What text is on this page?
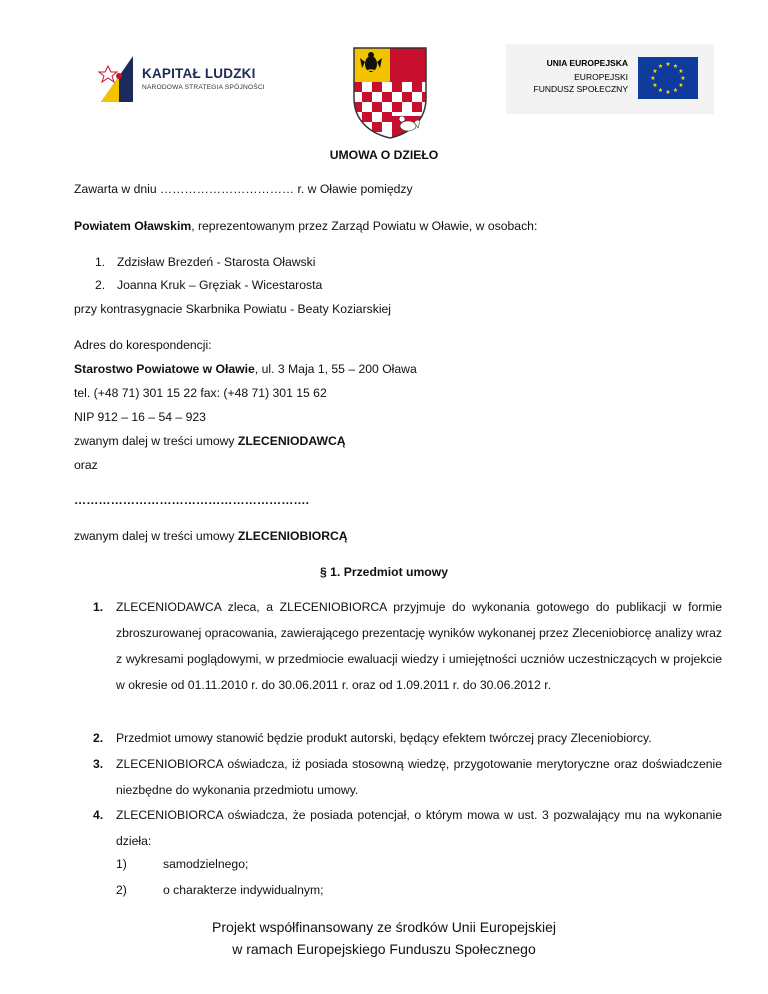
KAPITAŁ LUDZKI
NARODOWA STRATEGIA SPÓJNOŚCI
UNIA EUROPEJSKA
EUROPEJSKI
FUNDUSZ SPOŁECZNY
★ ★
★
★
★
★
★
★
★
★
★
★
UMOWA O DZIEŁO
Zawarta w dniu …………………………… r. w Oławie pomiędzy
Powiatem Oławskim, reprezentowanym przez Zarząd Powiatu w Oławie, w osobach:
1. Zdzisław Brezdeń - Starosta Oławski
2. Joanna Kruk – Gręziak - Wicestarosta
przy kontrasygnacie Skarbnika Powiatu - Beaty Koziarskiej
Adres do korespondencji:
Starostwo Powiatowe w Oławie, ul. 3 Maja 1, 55 – 200 Oława
tel. (+48 71) 301 15 22 fax: (+48 71) 301 15 62
NIP 912 – 16 – 54 – 923
zwanym dalej w treści umowy ZLECENIODAWCĄ
oraz
………………………………………………….
zwanym dalej w treści umowy ZLECENIOBIORCĄ
§ 1. Przedmiot umowy
1. ZLECENIODAWCA zleca, a ZLECENIOBIORCA przyjmuje do wykonania gotowego do publikacji w formie zbroszurowanej opracowania, zawierającego prezentację wyników wykonanej przez Zleceniobiorcę analizy wraz z wykresami poglądowymi, w przedmiocie ewaluacji wiedzy i umiejętności uczniów uczestniczących w projekcie w okresie od 01.11.2010 r. do 30.06.2011 r. oraz od 1.09.2011 r. do 30.06.2012 r.
2. Przedmiot umowy stanowić będzie produkt autorski, będący efektem twórczej pracy Zleceniobiorcy.
3. ZLECENIOBIORCA oświadcza, iż posiada stosowną wiedzę, przygotowanie merytoryczne oraz doświadczenie niezbędne do wykonania przedmiotu umowy.
4. ZLECENIOBIORCA oświadcza, że posiada potencjał, o którym mowa w ust. 3 pozwalający mu na wykonanie dzieła:
1)	samodzielnego;
2)	o charakterze indywidualnym;
Projekt współfinansowany ze środków Unii Europejskiej
w ramach Europejskiego Funduszu Społecznego
